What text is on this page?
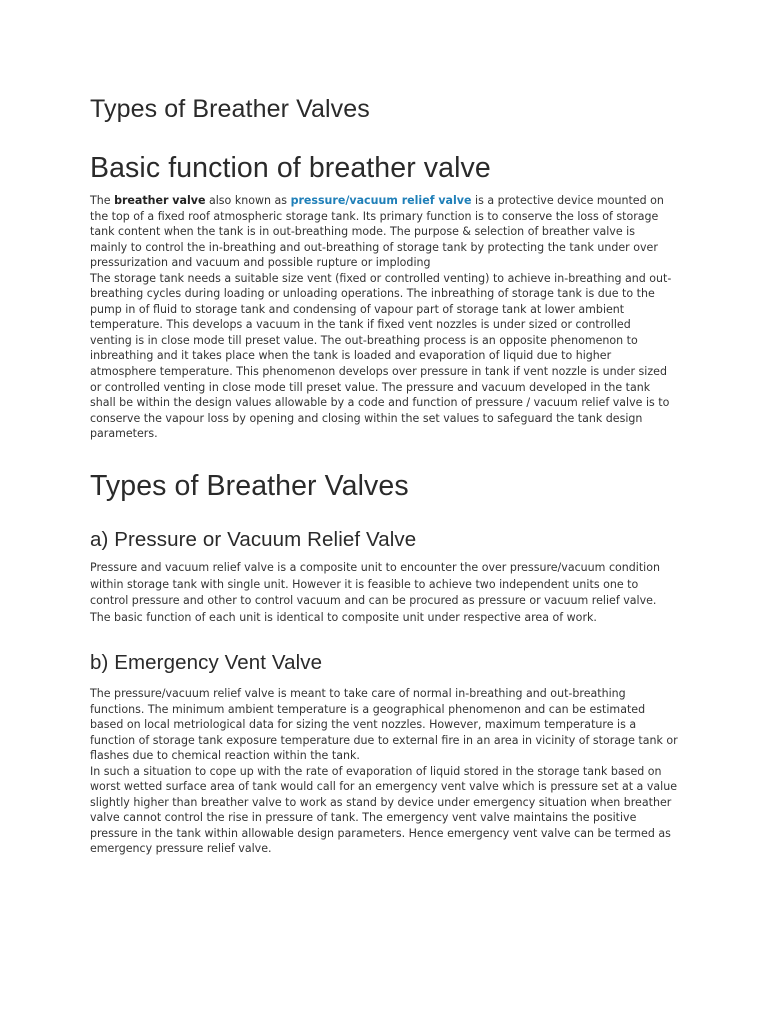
Types of Breather Valves
Basic function of breather valve
The breather valve also known as pressure/vacuum relief valve is a protective device mounted on
the top of a fixed roof atmospheric storage tank. Its primary function is to conserve the loss of storage
tank content when the tank is in out-breathing mode. The purpose & selection of breather valve is
mainly to control the in-breathing and out-breathing of storage tank by protecting the tank under over
pressurization and vacuum and possible rupture or imploding
The storage tank needs a suitable size vent (fixed or controlled venting) to achieve in-breathing and out-
breathing cycles during loading or unloading operations. The inbreathing of storage tank is due to the
pump in of fluid to storage tank and condensing of vapour part of storage tank at lower ambient
temperature. This develops a vacuum in the tank if fixed vent nozzles is under sized or controlled
venting is in close mode till preset value. The out-breathing process is an opposite phenomenon to
inbreathing and it takes place when the tank is loaded and evaporation of liquid due to higher
atmosphere temperature. This phenomenon develops over pressure in tank if vent nozzle is under sized
or controlled venting in close mode till preset value. The pressure and vacuum developed in the tank
shall be within the design values allowable by a code and function of pressure / vacuum relief valve is to
conserve the vapour loss by opening and closing within the set values to safeguard the tank design
parameters.
Types of Breather Valves
a) Pressure or Vacuum Relief Valve
Pressure and vacuum relief valve is a composite unit to encounter the over pressure/vacuum condition
within storage tank with single unit. However it is feasible to achieve two independent units one to
control pressure and other to control vacuum and can be procured as pressure or vacuum relief valve.
The basic function of each unit is identical to composite unit under respective area of work.
b) Emergency Vent Valve
The pressure/vacuum relief valve is meant to take care of normal in-breathing and out-breathing
functions. The minimum ambient temperature is a geographical phenomenon and can be estimated
based on local metriological data for sizing the vent nozzles. However, maximum temperature is a
function of storage tank exposure temperature due to external fire in an area in vicinity of storage tank or
flashes due to chemical reaction within the tank.
In such a situation to cope up with the rate of evaporation of liquid stored in the storage tank based on
worst wetted surface area of tank would call for an emergency vent valve which is pressure set at a value
slightly higher than breather valve to work as stand by device under emergency situation when breather
valve cannot control the rise in pressure of tank. The emergency vent valve maintains the positive
pressure in the tank within allowable design parameters. Hence emergency vent valve can be termed as
emergency pressure relief valve.
